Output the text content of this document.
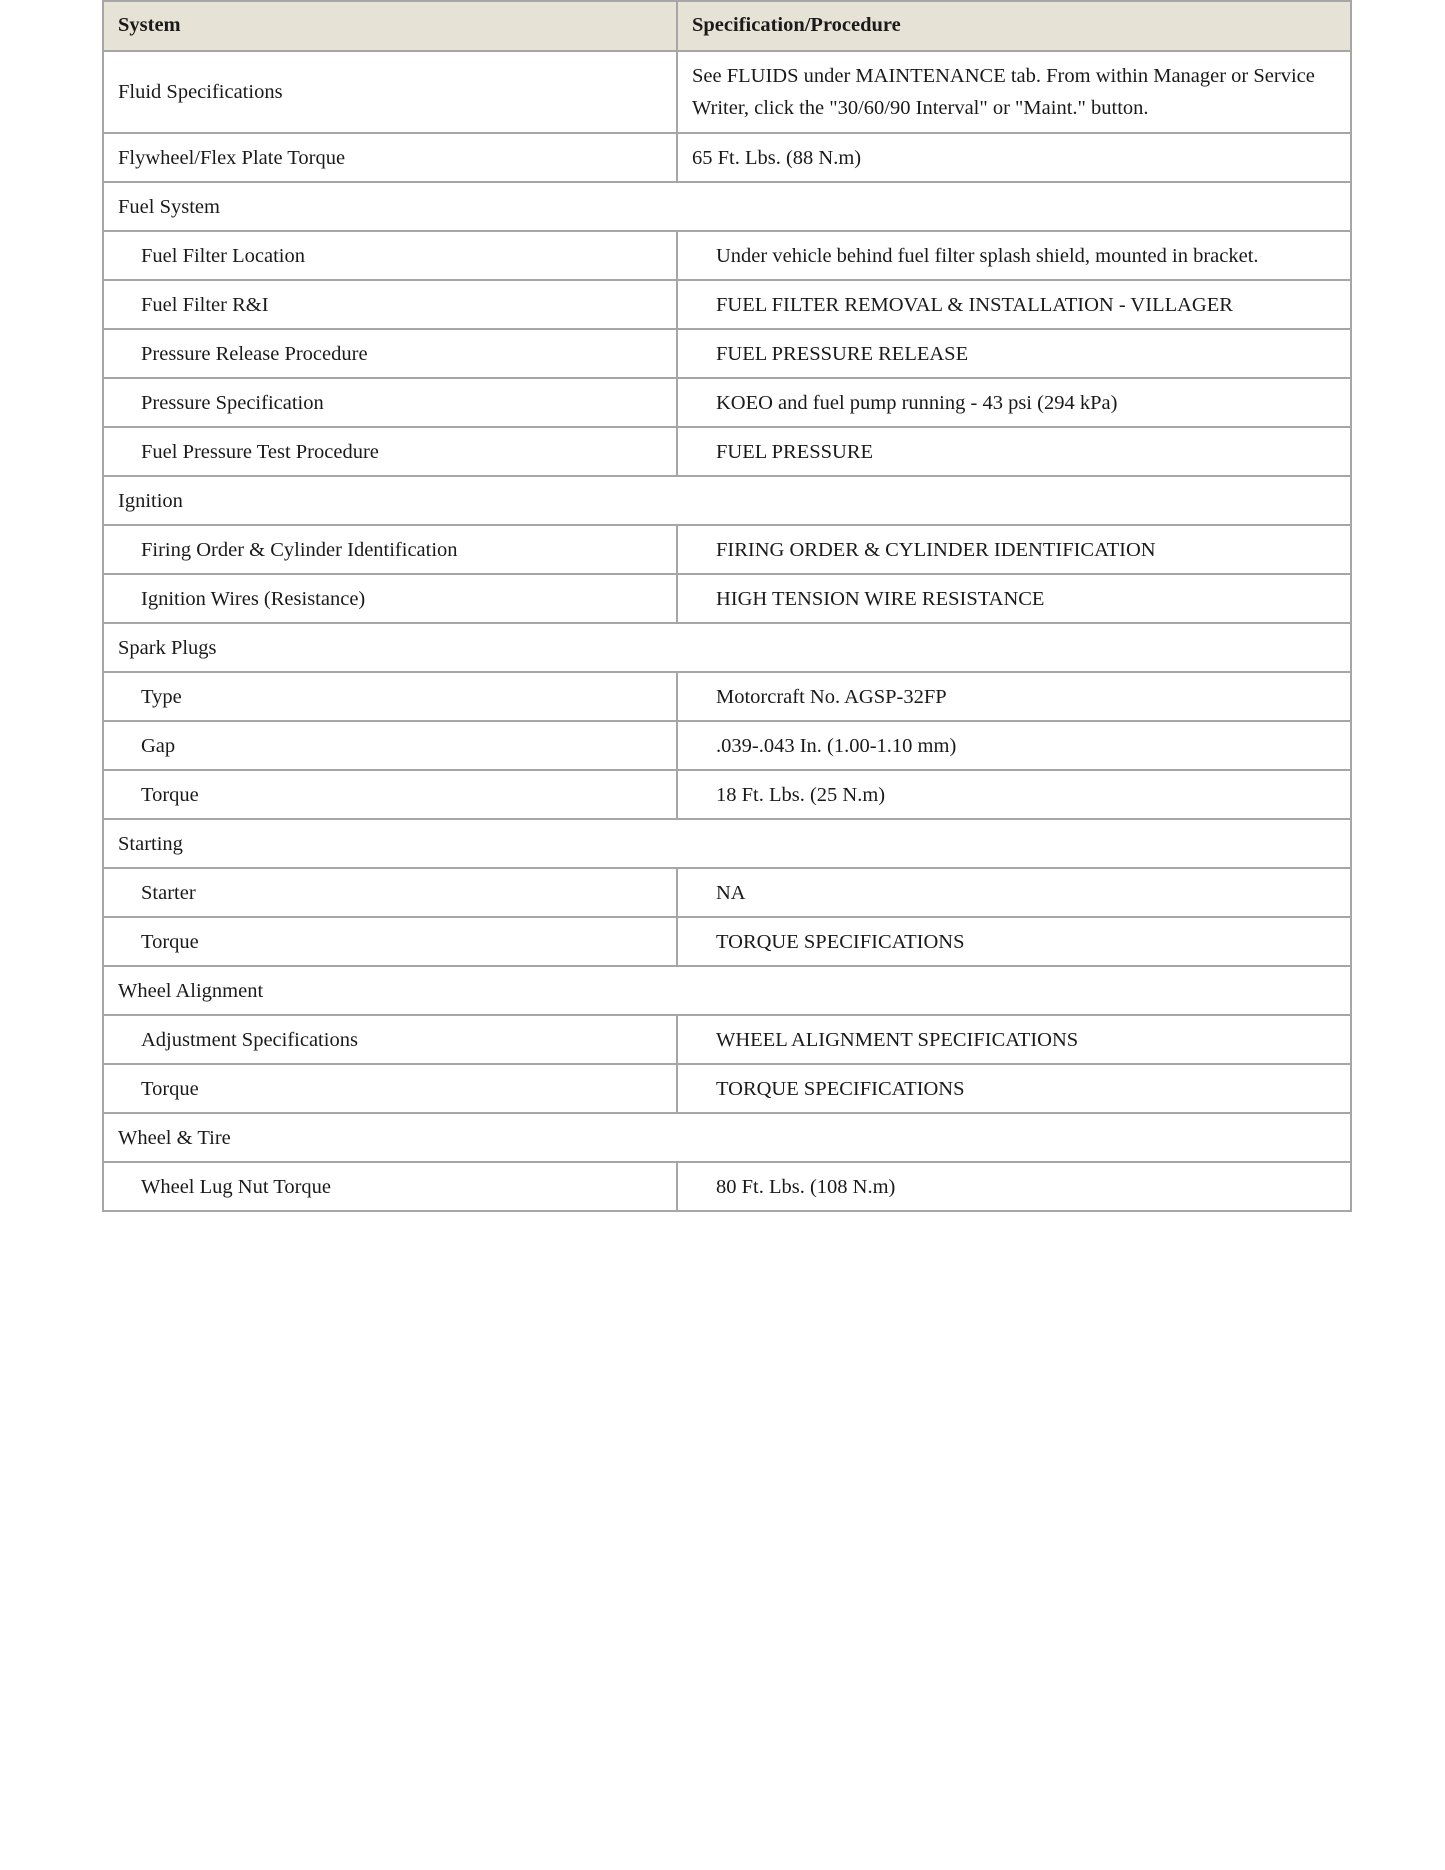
System	Specification/Procedure
Fluid Specifications	See FLUIDS under MAINTENANCE tab. From within Manager or Service Writer, click the "30/60/90 Interval" or "Maint." button.
Flywheel/Flex Plate Torque	65 Ft. Lbs. (88 N.m)
Fuel System	
Fuel Filter Location	Under vehicle behind fuel filter splash shield, mounted in bracket.
Fuel Filter R&I	FUEL FILTER REMOVAL & INSTALLATION - VILLAGER
Pressure Release Procedure	FUEL PRESSURE RELEASE
Pressure Specification	KOEO and fuel pump running - 43 psi (294 kPa)
Fuel Pressure Test Procedure	FUEL PRESSURE
Ignition	
Firing Order & Cylinder Identification	FIRING ORDER & CYLINDER IDENTIFICATION
Ignition Wires (Resistance)	HIGH TENSION WIRE RESISTANCE
Spark Plugs	
Type	Motorcraft No. AGSP-32FP
Gap	.039-.043 In. (1.00-1.10 mm)
Torque	18 Ft. Lbs. (25 N.m)
Starting	
Starter	NA
Torque	TORQUE SPECIFICATIONS
Wheel Alignment	
Adjustment Specifications	WHEEL ALIGNMENT SPECIFICATIONS
Torque	TORQUE SPECIFICATIONS
Wheel & Tire	
Wheel Lug Nut Torque	80 Ft. Lbs. (108 N.m)
